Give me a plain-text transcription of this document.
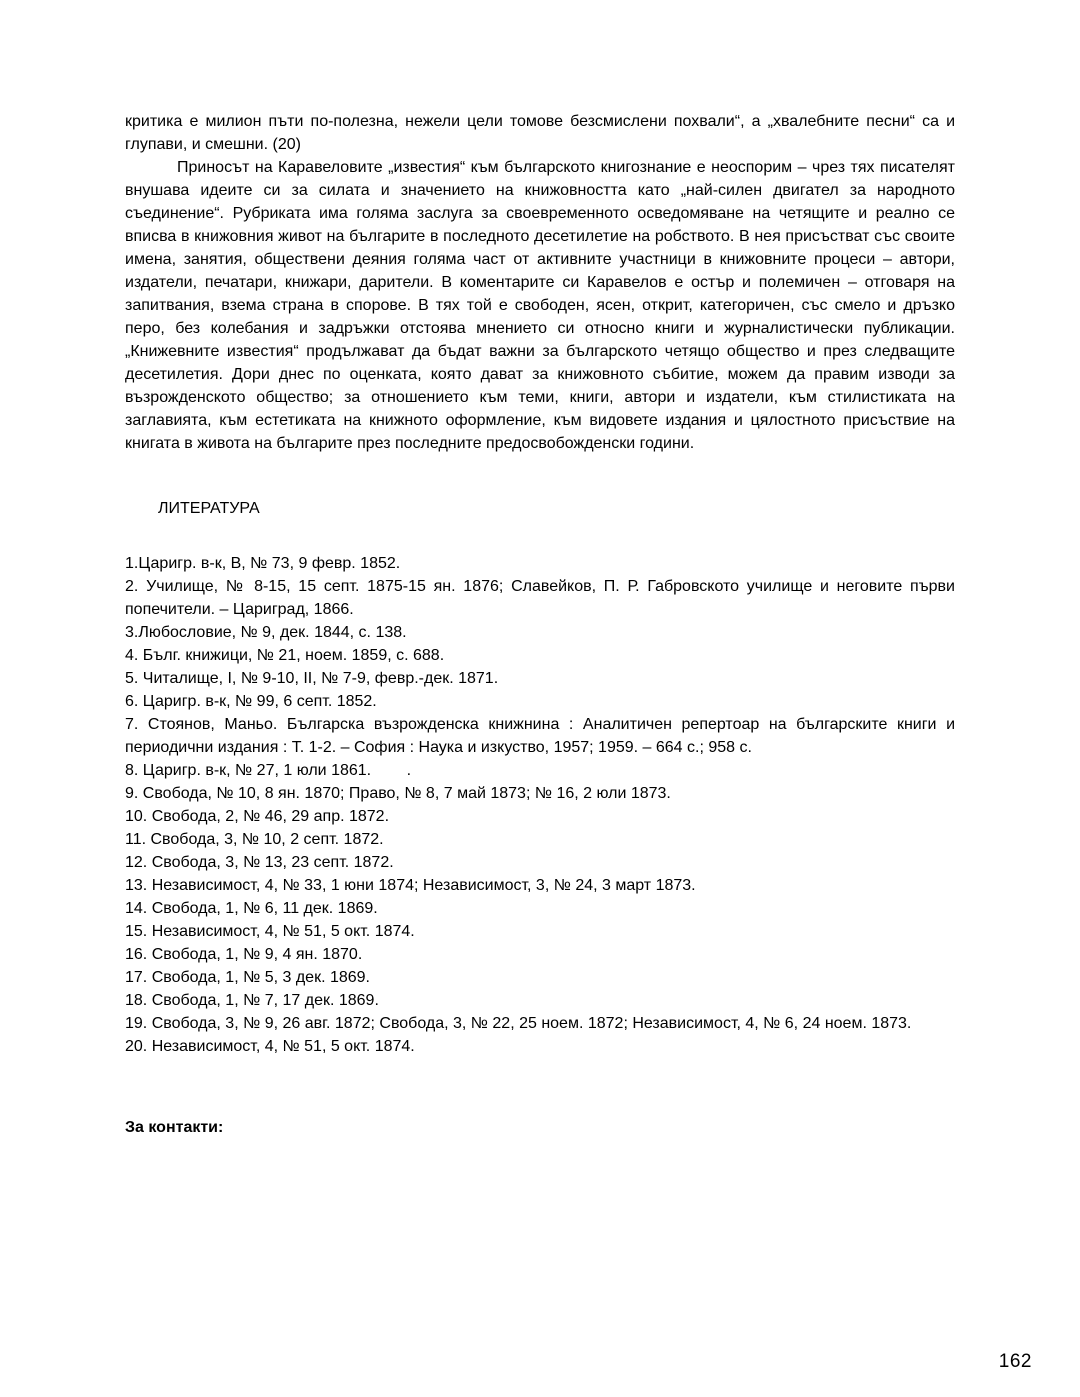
критика е милион пъти по-полезна, нежели цели томове безсмислени похвали“, а „хвалебните песни“ са и глупави, и смешни. (20)

Приносът на Каравеловите „известия“ към българското книгознание е неоспорим – чрез тях писателят внушава идеите си за силата и значението на книжовността като „най-силен двигател за народното съединение“. Рубриката има голяма заслуга за своевременното осведомяване на четящите и реално се вписва в книжовния живот на българите в последното десетилетие на робството. В нея присъстват със своите имена, занятия, обществени деяния голяма част от активните участници в книжовните процеси – автори, издатели, печатари, книжари, дарители. В коментарите си Каравелов е остър и полемичен – отговаря на запитвания, взема страна в спорове. В тях той е свободен, ясен, открит, категоричен, със смело и дръзко перо, без колебания и задръжки отстоява мнението си относно книги и журналистически публикации. „Книжевните известия“ продължават да бъдат важни за българското четящо общество и през следващите десетилетия. Дори днес по оценката, която дават за книжовното събитие, можем да правим изводи за възрожденското общество; за отношението към теми, книги, автори и издатели, към стилистиката на заглавията, към естетиката на книжното оформление, към видовете издания и цялостното присъствие на книгата в живота на българите през последните предосвобожденски години.

ЛИТЕРАТУРА

1.Царигр. в-к, В, № 73, 9 февр. 1852.

2. Училище, № 8-15, 15 септ. 1875-15 ян. 1876; Славейков, П. Р. Габровското училище и неговите първи попечители. – Цариград, 1866.

3.Любословие, № 9, дек. 1844, с. 138.

4. Бълг. книжици, № 21, ноем. 1859, с. 688.

5. Читалище, I, № 9-10, II, № 7-9, февр.-дек. 1871.

6. Царигр. в-к, № 99, 6 септ. 1852.

7. Стоянов, Маньо. Българска възрожденска книжнина : Аналитичен репертоар на българските книги и периодични издания : Т. 1-2. – София : Наука и изкуство, 1957; 1959. – 664 с.; 958 с.

8. Царигр. в-к, № 27, 1 юли 1861.        .

9. Свобода, № 10, 8 ян. 1870; Право, № 8, 7 май 1873; № 16, 2 юли 1873.

10. Свобода, 2, № 46, 29 апр. 1872.

11. Свобода, 3, № 10, 2 септ. 1872.

12. Свобода, 3, № 13, 23 септ. 1872.

13. Независимост, 4, № 33, 1 юни 1874; Независимост, 3, № 24, 3 март 1873.

14. Свобода, 1, № 6, 11 дек. 1869.

15. Независимост, 4, № 51, 5 окт. 1874.

16. Свобода, 1, № 9, 4 ян. 1870.

17. Свобода, 1, № 5, 3 дек. 1869.

18. Свобода, 1, № 7, 17 дек. 1869.

19. Свобода, 3, № 9, 26 авг. 1872; Свобода, 3, № 22, 25 ноем. 1872; Независимост, 4, № 6, 24 ноем. 1873.

20. Независимост, 4, № 51, 5 окт. 1874.

За контакти:

162
